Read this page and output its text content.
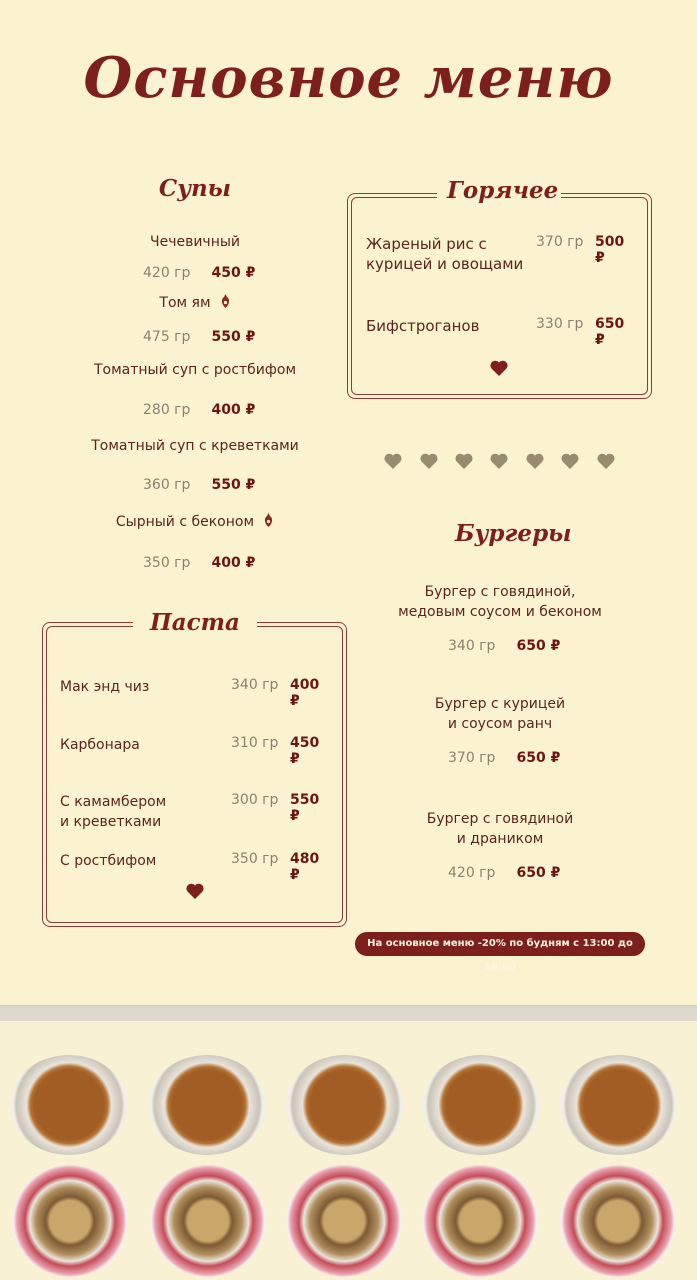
Основное меню
Супы
Чечевичный
420 гр 450 ₽
Том ям
475 гр 550 ₽
Томатный суп с ростбифом
280 гр 400 ₽
Томатный суп с креветками
360 гр 550 ₽
Сырный с беконом
350 гр 400 ₽
Горячее
Жареный рис с
курицей и овощами
370 гр 500 ₽
Бифстроганов	330 гр 650 ₽
Бургеры
Бургер с говядиной,
медовым соусом и беконом
340 гр 650 ₽
Бургер с курицей
и соусом ранч
370 гр 650 ₽
Бургер с говядиной
и драником
420 гр 650 ₽
Паста
Мак энд чиз	340 гр 400 ₽
Карбонара	310 гр 450 ₽
С камамбером
и креветками
300 гр 550 ₽
С ростбифом	350 гр 480 ₽
На основное меню -20% по будням с 13:00 до 16:00
